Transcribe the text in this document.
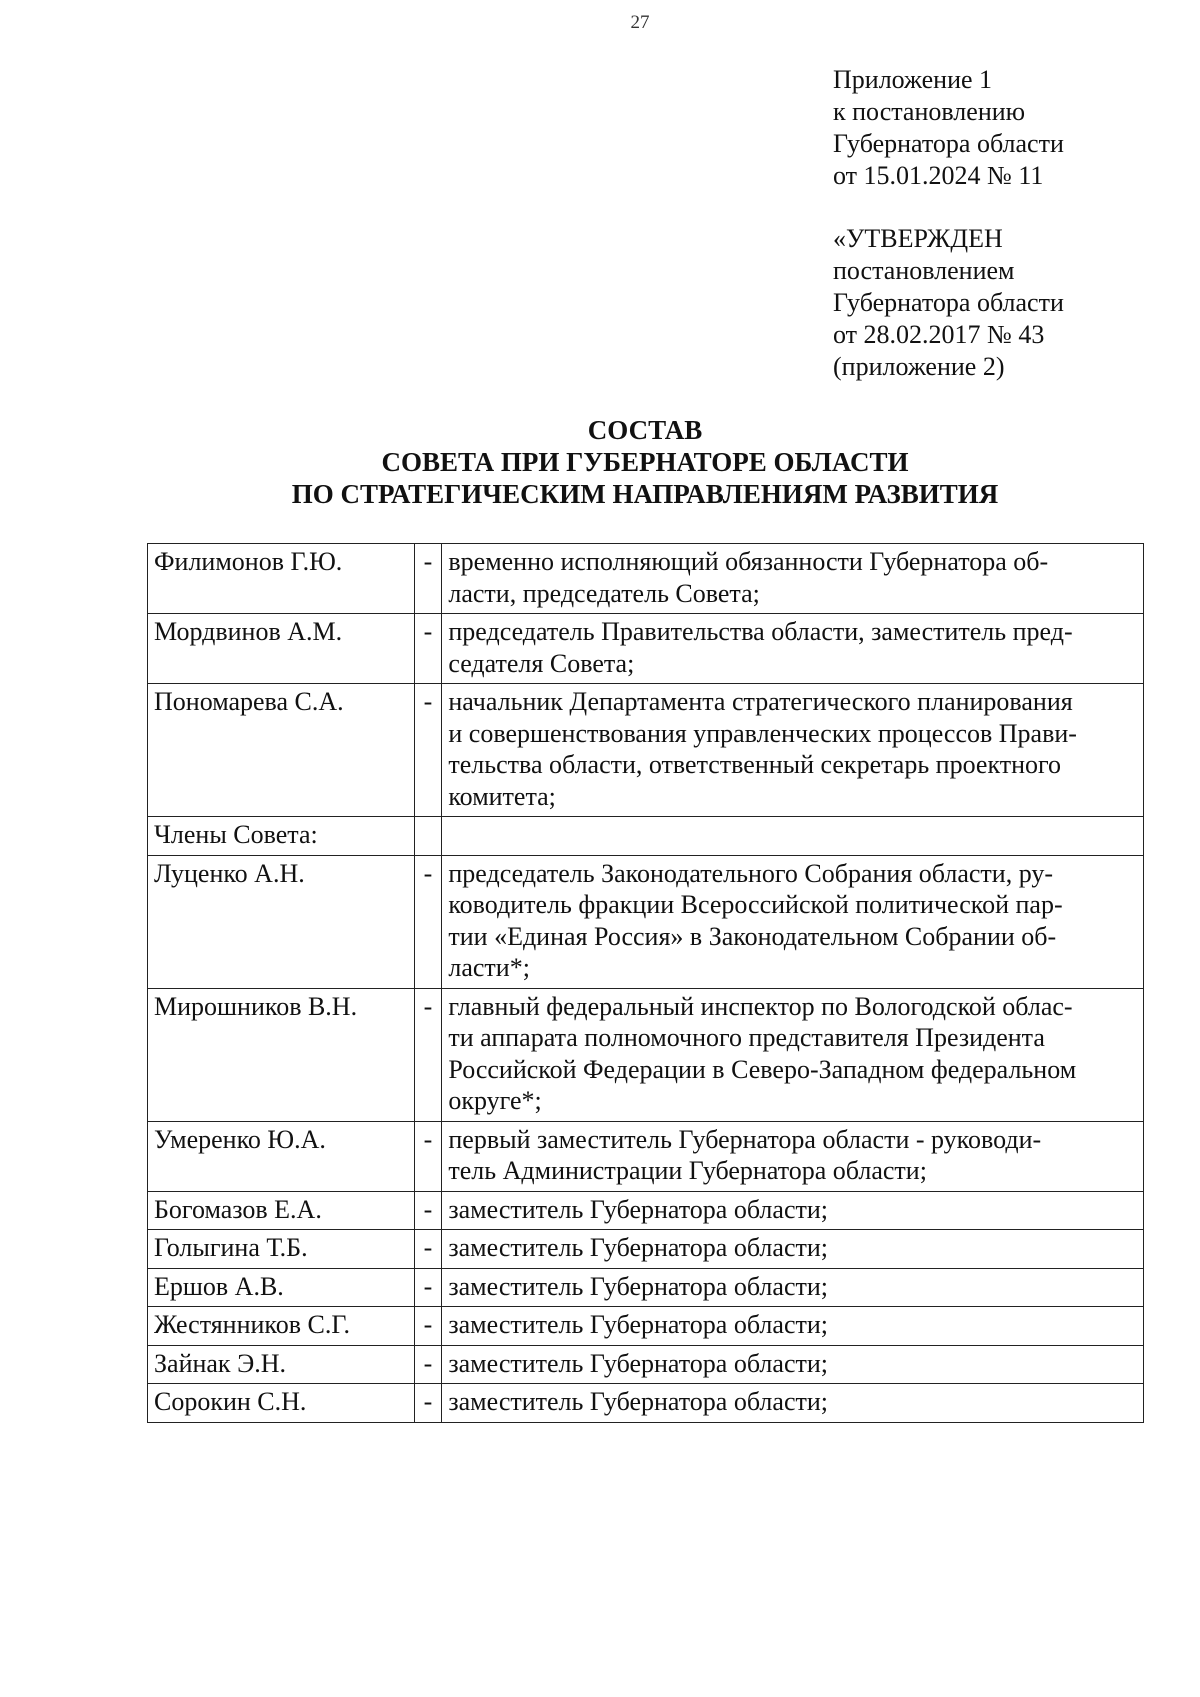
27
Приложение 1
к постановлению
Губернатора области
от 15.01.2024 № 11
«УТВЕРЖДЕН
постановлением
Губернатора области
от 28.02.2017 № 43
(приложение 2)
СОСТАВ
СОВЕТА ПРИ ГУБЕРНАТОРЕ ОБЛАСТИ
ПО СТРАТЕГИЧЕСКИМ НАПРАВЛЕНИЯМ РАЗВИТИЯ
Филимонов Г.Ю.	-	временно исполняющий обязанности Губернатора об-
ласти, председатель Совета;

Мордвинов А.М.	-	председатель Правительства области, заместитель пред-
седателя Совета;

Пономарева С.А.	-	начальник Департамента стратегического планирования
и совершенствования управленческих процессов Прави-
тельства области, ответственный секретарь проектного
комитета;

Члены Совета:		
Луценко А.Н.	-	председатель Законодательного Собрания области, ру-
ководитель фракции Всероссийской политической пар-
тии «Единая Россия» в Законодательном Собрании об-
ласти*;

Мирошников В.Н.	-	главный федеральный инспектор по Вологодской облас-
ти аппарата полномочного представителя Президента
Российской Федерации в Северо-Западном федеральном
округе*;

Умеренко Ю.А.	-	первый заместитель Губернатора области - руководи-
тель Администрации Губернатора области;

Богомазов Е.А.	-	заместитель Губернатора области;

Голыгина Т.Б.	-	заместитель Губернатора области;

Ершов А.В.	-	заместитель Губернатора области;

Жестянников С.Г.	-	заместитель Губернатора области;

Зайнак Э.Н.	-	заместитель Губернатора области;

Сорокин С.Н.	-	заместитель Губернатора области;
